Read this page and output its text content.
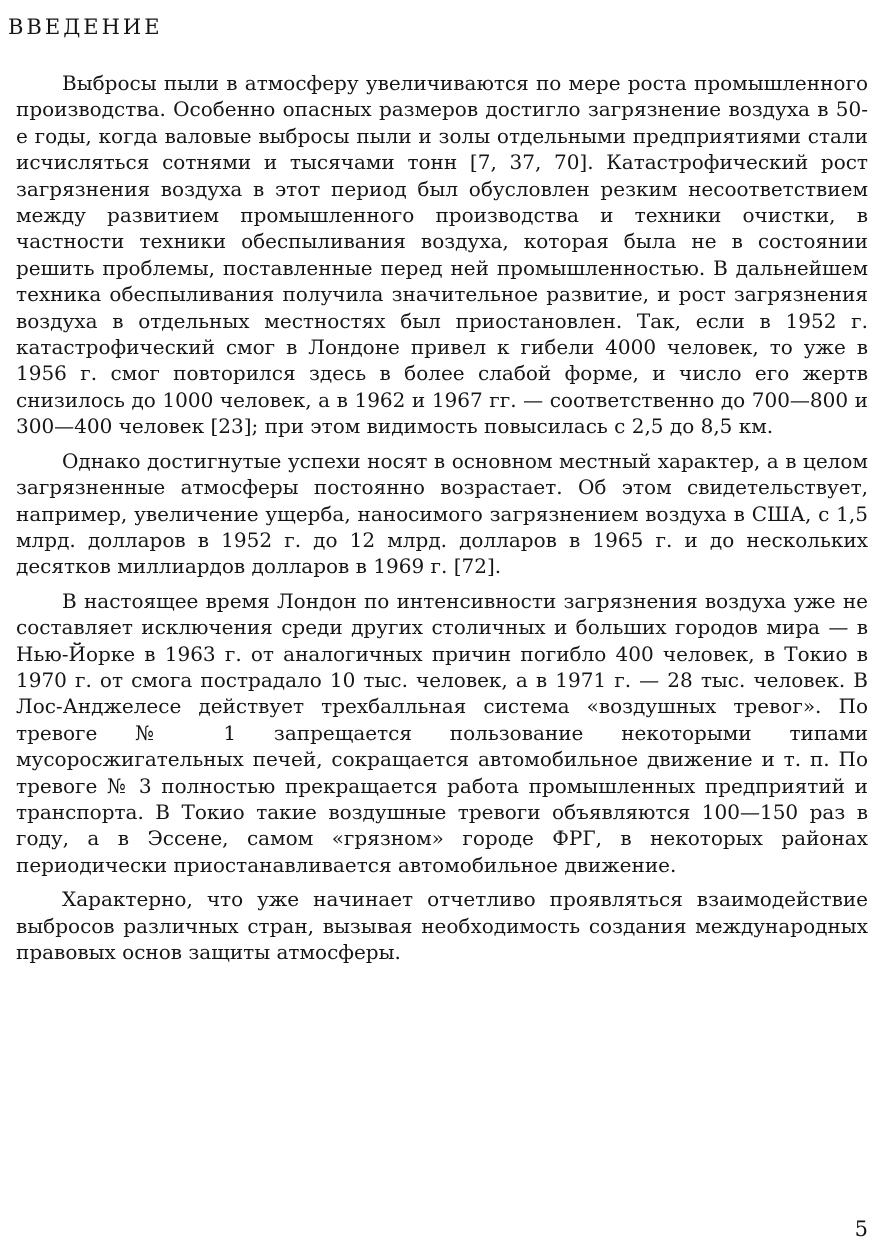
ВВЕДЕНИЕ

Выбросы пыли в атмосферу увеличиваются по мере роста промышленного производства. Особенно опасных размеров достигло загрязнение воздуха в 50-е годы, когда валовые выбросы пыли и золы отдельными предприятиями стали исчисляться сотнями и тысячами тонн [7, 37, 70]. Катастрофический рост загрязнения воздуха в этот период был обусловлен резким несоответствием между развитием промышленного производства и техники очистки, в частности техники обеспыливания воздуха, которая была не в состоянии решить проблемы, поставленные перед ней промышленностью. В дальнейшем техника обеспыливания получила значительное развитие, и рост загрязнения воздуха в отдельных местностях был приостановлен. Так, если в 1952 г. катастрофический смог в Лондоне привел к гибели 4000 человек, то уже в 1956 г. смог повторился здесь в более слабой форме, и число его жертв снизилось до 1000 человек, а в 1962 и 1967 гг. — соответственно до 700—800 и 300—400 человек [23]; при этом видимость повысилась с 2,5 до 8,5 км.

Однако достигнутые успехи носят в основном местный характер, а в целом загрязненные атмосферы постоянно возрастает. Об этом свидетельствует, например, увеличение ущерба, наносимого загрязнением воздуха в США, с 1,5 млрд. долларов в 1952 г. до 12 млрд. долларов в 1965 г. и до нескольких десятков миллиардов долларов в 1969 г. [72].

В настоящее время Лондон по интенсивности загрязнения воздуха уже не составляет исключения среди других столичных и больших городов мира — в Нью-Йорке в 1963 г. от аналогичных причин погибло 400 человек, в Токио в 1970 г. от смога пострадало 10 тыс. человек, а в 1971 г. — 28 тыс. человек. В Лос-Анджелесе действует трехбалльная система «воздушных тревог». По тревоге № 1 запрещается пользование некоторыми типами мусоросжигательных печей, сокращается автомобильное движение и т. п. По тревоге № 3 полностью прекращается работа промышленных предприятий и транспорта. В Токио такие воздушные тревоги объявляются 100—150 раз в году, а в Эссене, самом «грязном» городе ФРГ, в некоторых районах периодически приостанавливается автомобильное движение.

Характерно, что уже начинает отчетливо проявляться взаимодействие выбросов различных стран, вызывая необходимость создания международных правовых основ защиты атмосферы.

5
